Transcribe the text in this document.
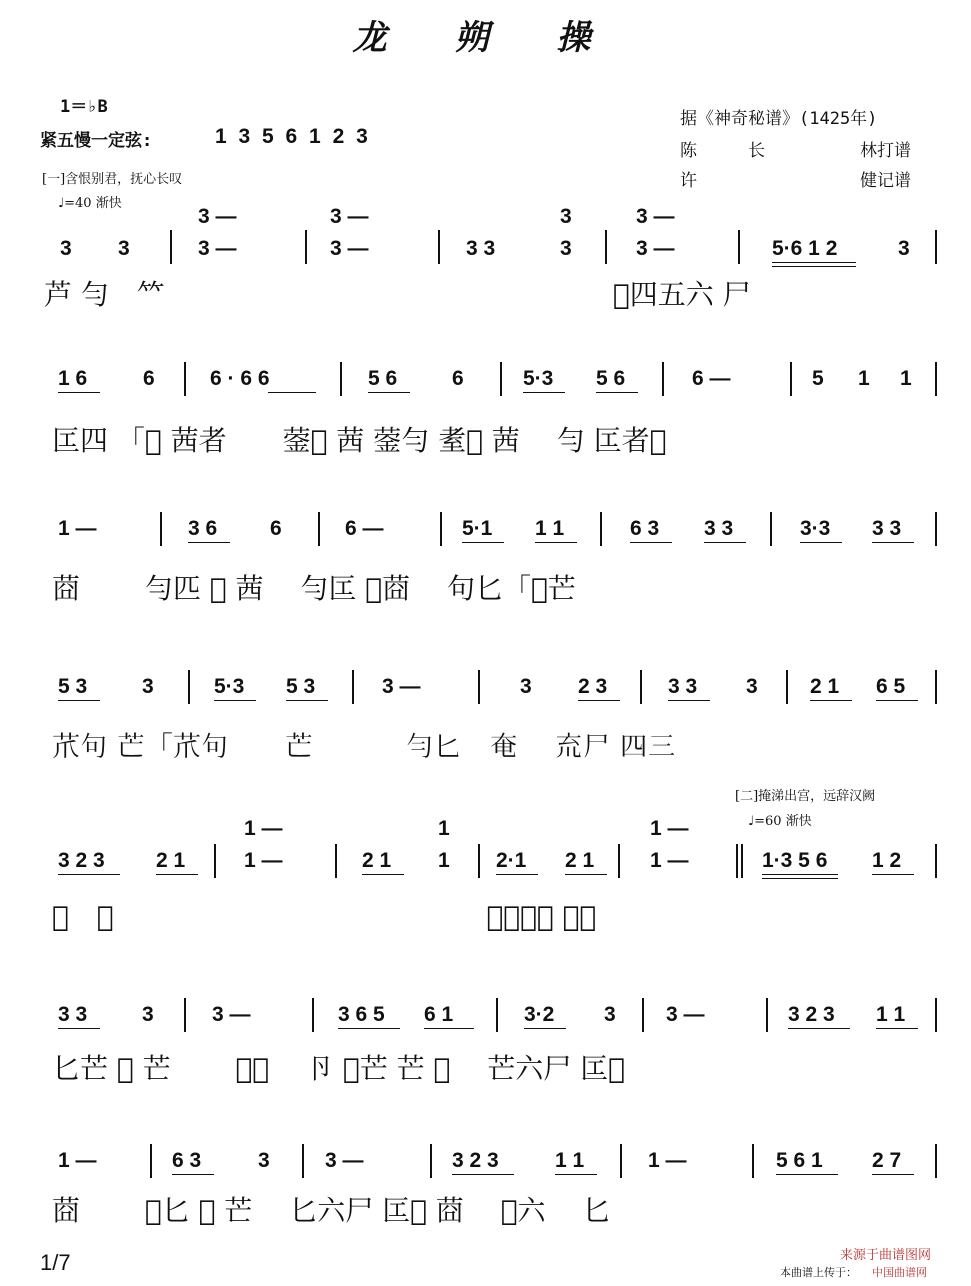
龙 朔 操
1＝♭B
紧五慢一定弦:	1 3 5 6 1 2 3
据《神奇秘谱》(1425年)
陈　　　长	林打谱
许	健记谱
[一]含恨别君，抚心长叹
♩=40 渐快
[二]掩涕出宫，远辞汉阙
♩=60 渐快
3 —	3 —	3	3 —
3 3	3 —	3 —	3 3	3	3 —	5·6 1 2	3
芦 勻　𥫗　　　　　　　　　　　　　　　　𠣏四五六 尸
1 6	6	6 · 6 6	5 6	6	5·3 5 6	6 —	5 1 1
匞四 「𠣏 茜者　　蓥𠣏 茜 蓥勻 耊𠣏 茜　 勻 匞者𠣏
1 —	3 6	6	6 —	5·1 1 1	6 3 3 3	3·3 3 3
莔　　 勻匹 𠣏 茜　 勻匞 𠣏莔　 句匕「𠣏芒
5 3	3	5·3 5 3	3 —	3 2 3	3 3 3 2 1 6 5
𦬔句 芒「𦬔句　　芒　　　 勻匕　奄　 㐬尸 四三
1 —	1	1 —
3 2 3 2 1	1 —	2 1 1 2·1 2 1	1 —	1·3 5 6 1 2
𠣏　𥫗　　　　　　　　　　　　　 𦬔勻三四 五六
3 3	3	3 —	3 6 5 6 1	3·2 3 3 —	3 2 3 1 1
匕芒 𠣏 芒　　 𠣏𠣏　 卪 𠣏芒 芒 𠣏　 芒六尸 匞𠣏
1 —	6 3	3	3 —	3 2 3	1 1	1 —	5 6 1 2 7
莔　　 𠣏匕 𠣏 芒　 匕六尸 匞𠣏 莔　 𠣏六　 匕
1/7	本曲谱上传于：
来源于曲谱图网
中国曲谱网
